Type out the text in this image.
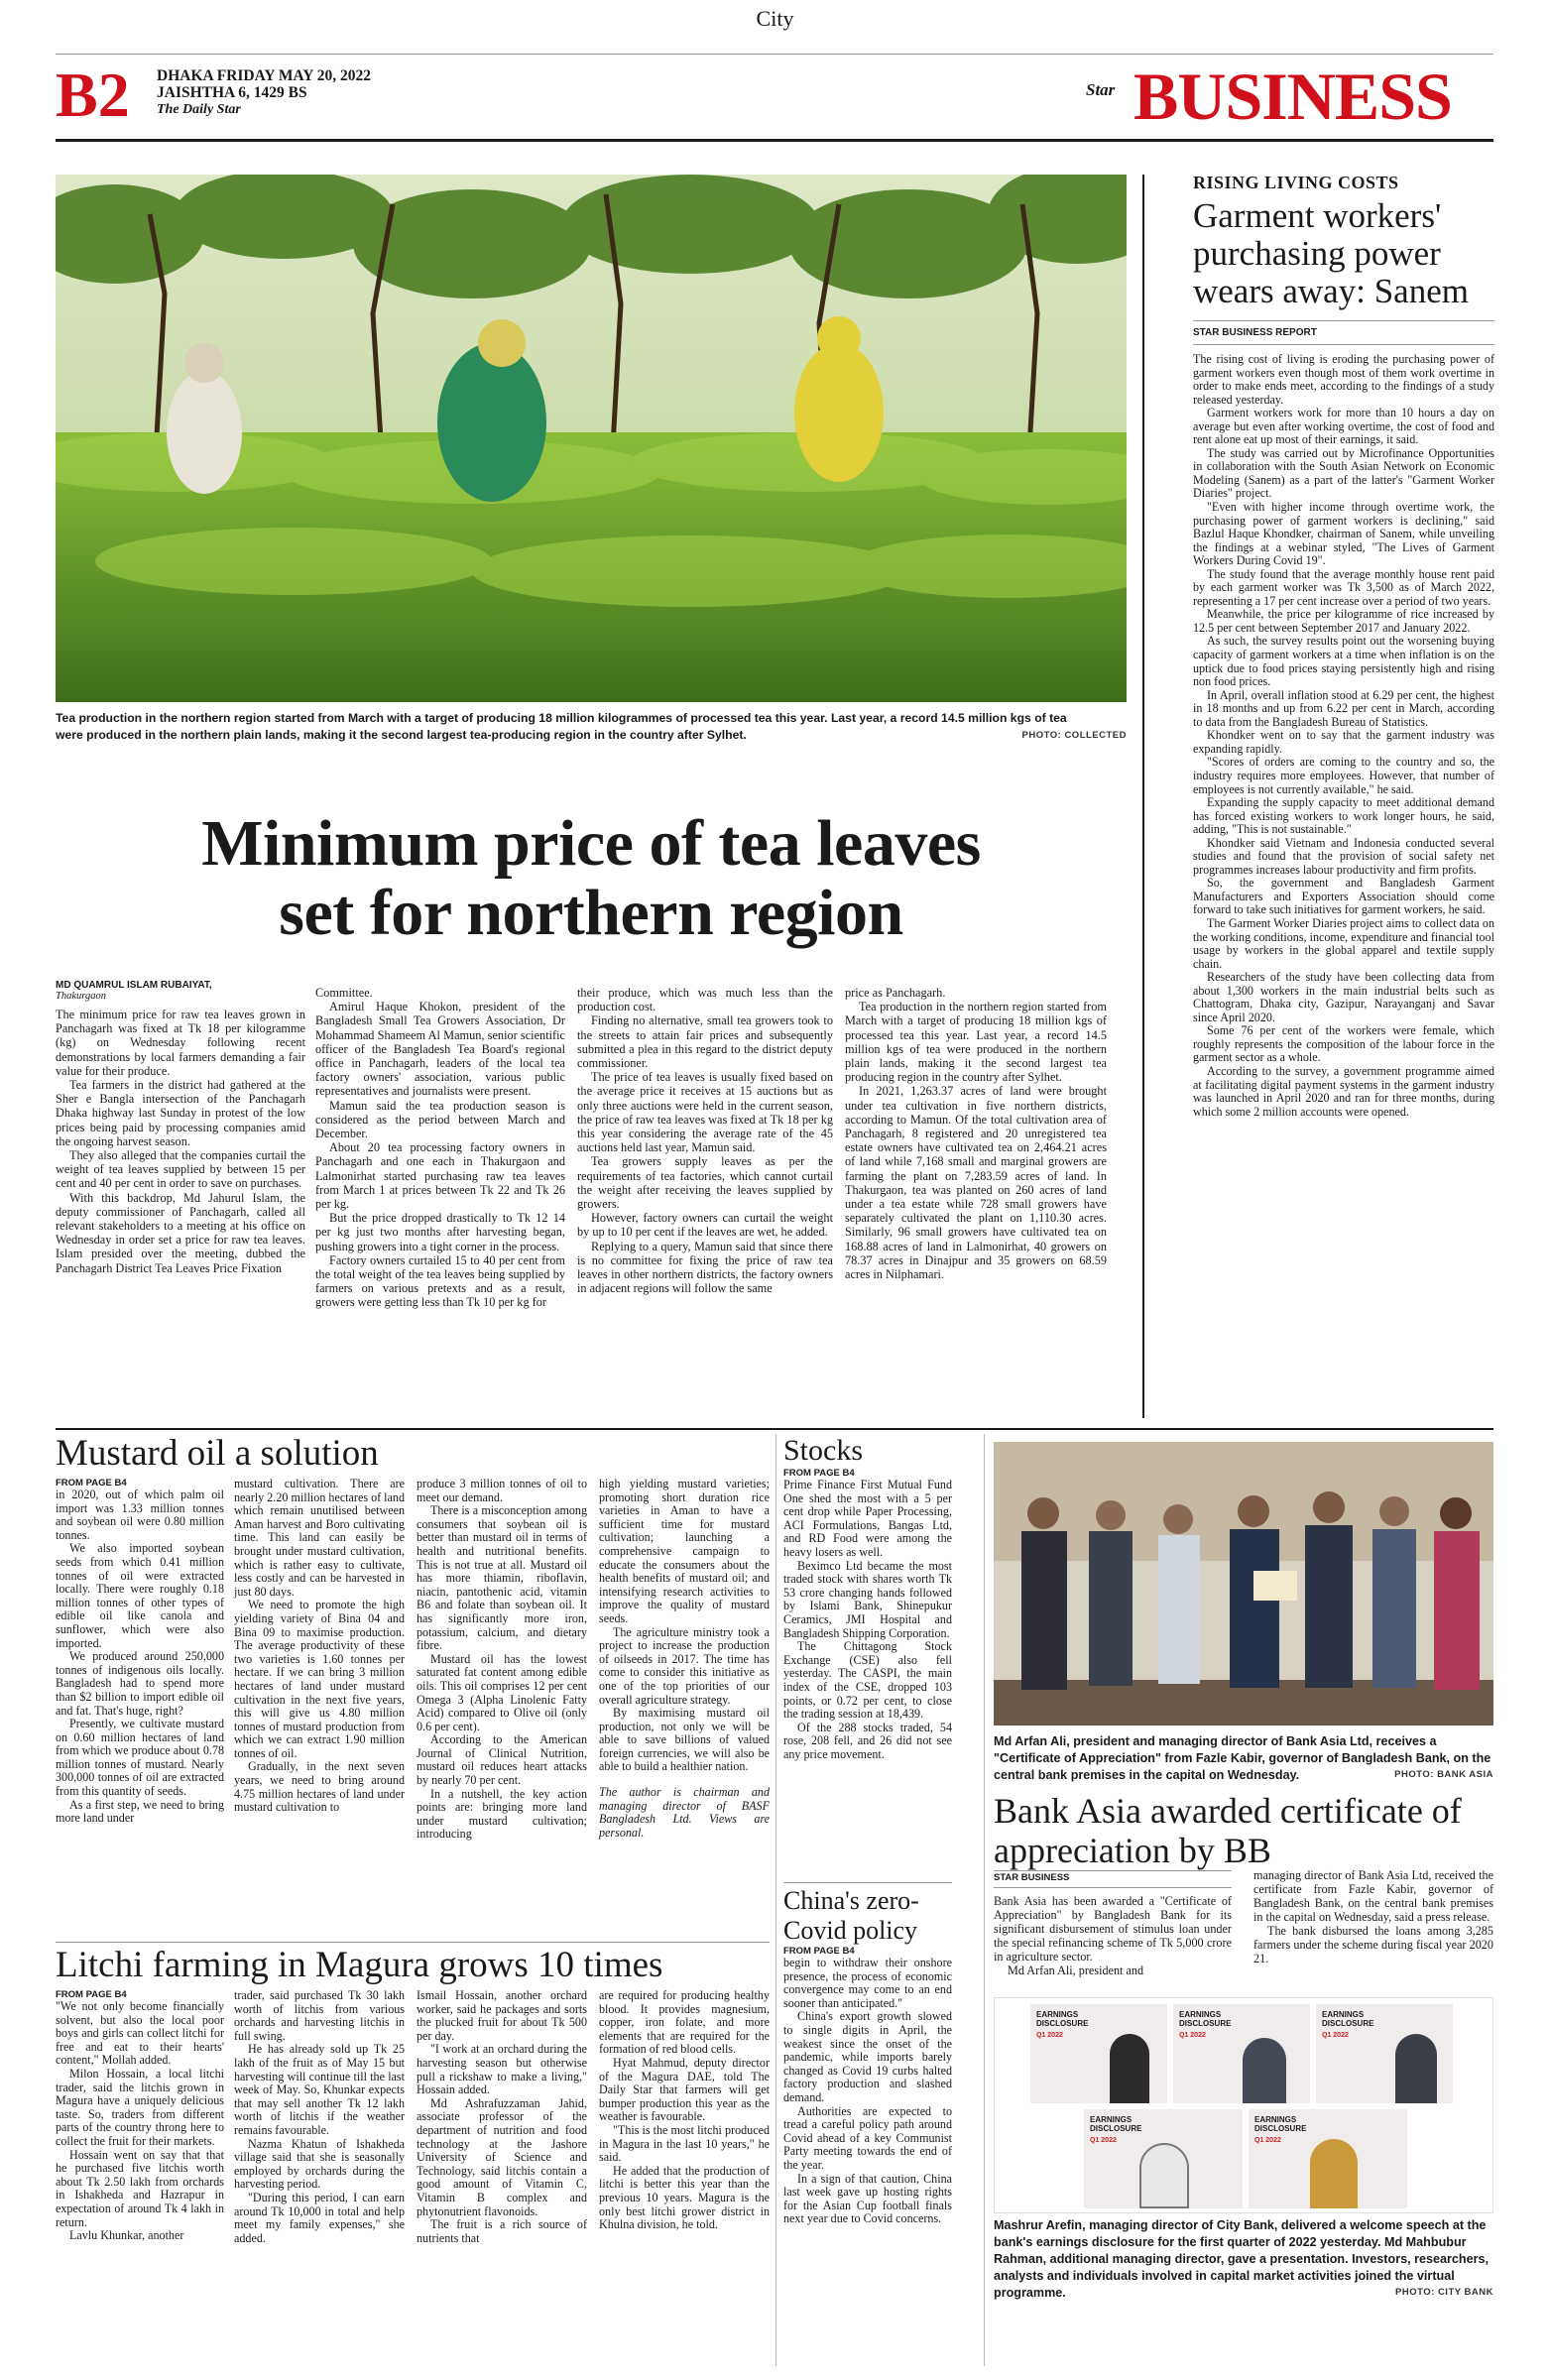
City
B2 DHAKA FRIDAY MAY 20, 2022
JAISHTHA 6, 1429 BS
The Daily Star
Star BUSINESS
Tea production in the northern region started from March with a target of producing 18 million kilogrammes of processed tea this year. Last year, a record 14.5 million kgs of tea were produced in the northern plain lands, making it the second largest tea-producing region in the country after Sylhet.	PHOTO: COLLECTED
Minimum price of tea leaves
set for northern region
MD QUAMRUL ISLAM RUBAIYAT,
Thakurgaon

The minimum price for raw tea leaves grown in Panchagarh was fixed at Tk 18 per kilogramme (kg) on Wednesday following recent demonstrations by local farmers demanding a fair value for their produce.

Tea farmers in the district had gathered at the Sher e Bangla intersection of the Panchagarh Dhaka highway last Sunday in protest of the low prices being paid by processing companies amid the ongoing harvest season.

They also alleged that the companies curtail the weight of tea leaves supplied by between 15 per cent and 40 per cent in order to save on purchases.

With this backdrop, Md Jahurul Islam, the deputy commissioner of Panchagarh, called all relevant stakeholders to a meeting at his office on Wednesday in order set a price for raw tea leaves. Islam presided over the meeting, dubbed the Panchagarh District Tea Leaves Price Fixation

Committee.

Amirul Haque Khokon, president of the Bangladesh Small Tea Growers Association, Dr Mohammad Shameem Al Mamun, senior scientific officer of the Bangladesh Tea Board's regional office in Panchagarh, leaders of the local tea factory owners' association, various public representatives and journalists were present.

Mamun said the tea production season is considered as the period between March and December.

About 20 tea processing factory owners in Panchagarh and one each in Thakurgaon and Lalmonirhat started purchasing raw tea leaves from March 1 at prices between Tk 22 and Tk 26 per kg.

But the price dropped drastically to Tk 12 14 per kg just two months after harvesting began, pushing growers into a tight corner in the process.

Factory owners curtailed 15 to 40 per cent from the total weight of the tea leaves being supplied by farmers on various pretexts and as a result, growers were getting less than Tk 10 per kg for

their produce, which was much less than the production cost.

Finding no alternative, small tea growers took to the streets to attain fair prices and subsequently submitted a plea in this regard to the district deputy commissioner.

The price of tea leaves is usually fixed based on the average price it receives at 15 auctions but as only three auctions were held in the current season, the price of raw tea leaves was fixed at Tk 18 per kg this year considering the average rate of the 45 auctions held last year, Mamun said.

Tea growers supply leaves as per the requirements of tea factories, which cannot curtail the weight after receiving the leaves supplied by growers.

However, factory owners can curtail the weight by up to 10 per cent if the leaves are wet, he added.

Replying to a query, Mamun said that since there is no committee for fixing the price of raw tea leaves in other northern districts, the factory owners in adjacent regions will follow the same

price as Panchagarh.

Tea production in the northern region started from March with a target of producing 18 million kgs of processed tea this year. Last year, a record 14.5 million kgs of tea were produced in the northern plain lands, making it the second largest tea producing region in the country after Sylhet.

In 2021, 1,263.37 acres of land were brought under tea cultivation in five northern districts, according to Mamun. Of the total cultivation area of Panchagarh, 8 registered and 20 unregistered tea estate owners have cultivated tea on 2,464.21 acres of land while 7,168 small and marginal growers are farming the plant on 7,283.59 acres of land. In Thakurgaon, tea was planted on 260 acres of land under a tea estate while 728 small growers have separately cultivated the plant on 1,110.30 acres. Similarly, 96 small growers have cultivated tea on 168.88 acres of land in Lalmonirhat, 40 growers on 78.37 acres in Dinajpur and 35 growers on 68.59 acres in Nilphamari.

RISING LIVING COSTS
Garment workers' purchasing power wears away: Sanem
STAR BUSINESS REPORT

The rising cost of living is eroding the purchasing power of garment workers even though most of them work overtime in order to make ends meet, according to the findings of a study released yesterday.

Garment workers work for more than 10 hours a day on average but even after working overtime, the cost of food and rent alone eat up most of their earnings, it said.

The study was carried out by Microfinance Opportunities in collaboration with the South Asian Network on Economic Modeling (Sanem) as a part of the latter's "Garment Worker Diaries" project.

"Even with higher income through overtime work, the purchasing power of garment workers is declining," said Bazlul Haque Khondker, chairman of Sanem, while unveiling the findings at a webinar styled, "The Lives of Garment Workers During Covid 19".

The study found that the average monthly house rent paid by each garment worker was Tk 3,500 as of March 2022, representing a 17 per cent increase over a period of two years.

Meanwhile, the price per kilogramme of rice increased by 12.5 per cent between September 2017 and January 2022.

As such, the survey results point out the worsening buying capacity of garment workers at a time when inflation is on the uptick due to food prices staying persistently high and rising non food prices.

In April, overall inflation stood at 6.29 per cent, the highest in 18 months and up from 6.22 per cent in March, according to data from the Bangladesh Bureau of Statistics.

Khondker went on to say that the garment industry was expanding rapidly.

"Scores of orders are coming to the country and so, the industry requires more employees. However, that number of employees is not currently available," he said.

Expanding the supply capacity to meet additional demand has forced existing workers to work longer hours, he said, adding, "This is not sustainable."

Khondker said Vietnam and Indonesia conducted several studies and found that the provision of social safety net programmes increases labour productivity and firm profits.

So, the government and Bangladesh Garment Manufacturers and Exporters Association should come forward to take such initiatives for garment workers, he said.

The Garment Worker Diaries project aims to collect data on the working conditions, income, expenditure and financial tool usage by workers in the global apparel and textile supply chain.

Researchers of the study have been collecting data from about 1,300 workers in the main industrial belts such as Chattogram, Dhaka city, Gazipur, Narayanganj and Savar since April 2020.

Some 76 per cent of the workers were female, which roughly represents the composition of the labour force in the garment sector as a whole.

According to the survey, a government programme aimed at facilitating digital payment systems in the garment industry was launched in April 2020 and ran for three months, during which some 2 million accounts were opened.

Mustard oil a solution
FROM PAGE B4

in 2020, out of which palm oil import was 1.33 million tonnes and soybean oil were 0.80 million tonnes.

We also imported soybean seeds from which 0.41 million tonnes of oil were extracted locally. There were roughly 0.18 million tonnes of other types of edible oil like canola and sunflower, which were also imported.

We produced around 250,000 tonnes of indigenous oils locally. Bangladesh had to spend more than $2 billion to import edible oil and fat. That's huge, right?

Presently, we cultivate mustard on 0.60 million hectares of land from which we produce about 0.78 million tonnes of mustard. Nearly 300,000 tonnes of oil are extracted from this quantity of seeds.

As a first step, we need to bring more land under

mustard cultivation. There are nearly 2.20 million hectares of land which remain unutilised between Aman harvest and Boro cultivating time. This land can easily be brought under mustard cultivation, which is rather easy to cultivate, less costly and can be harvested in just 80 days.

We need to promote the high yielding variety of Bina 04 and Bina 09 to maximise production. The average productivity of these two varieties is 1.60 tonnes per hectare. If we can bring 3 million hectares of land under mustard cultivation in the next five years, this will give us 4.80 million tonnes of mustard production from which we can extract 1.90 million tonnes of oil.

Gradually, in the next seven years, we need to bring around 4.75 million hectares of land under mustard cultivation to

produce 3 million tonnes of oil to meet our demand.

There is a misconception among consumers that soybean oil is better than mustard oil in terms of health and nutritional benefits. This is not true at all. Mustard oil has more thiamin, riboflavin, niacin, pantothenic acid, vitamin B6 and folate than soybean oil. It has significantly more iron, potassium, calcium, and dietary fibre.

Mustard oil has the lowest saturated fat content among edible oils. This oil comprises 12 per cent Omega 3 (Alpha Linolenic Fatty Acid) compared to Olive oil (only 0.6 per cent).

According to the American Journal of Clinical Nutrition, mustard oil reduces heart attacks by nearly 70 per cent.

In a nutshell, the key action points are: bringing more land under mustard cultivation; introducing

high yielding mustard varieties; promoting short duration rice varieties in Aman to have a sufficient time for mustard cultivation; launching a comprehensive campaign to educate the consumers about the health benefits of mustard oil; and intensifying research activities to improve the quality of mustard seeds.

The agriculture ministry took a project to increase the production of oilseeds in 2017. The time has come to consider this initiative as one of the top priorities of our overall agriculture strategy.

By maximising mustard oil production, not only we will be able to save billions of valued foreign currencies, we will also be able to build a healthier nation.

The author is chairman and managing director of BASF Bangladesh Ltd. Views are personal.
Stocks
FROM PAGE B4

Prime Finance First Mutual Fund One shed the most with a 5 per cent drop while Paper Processing, ACI Formulations, Bangas Ltd, and RD Food were among the heavy losers as well.

Beximco Ltd became the most traded stock with shares worth Tk 53 crore changing hands followed by Islami Bank, Shinepukur Ceramics, JMI Hospital and Bangladesh Shipping Corporation.

The Chittagong Stock Exchange (CSE) also fell yesterday. The CASPI, the main index of the CSE, dropped 103 points, or 0.72 per cent, to close the trading session at 18,439.

Of the 288 stocks traded, 54 rose, 208 fell, and 26 did not see any price movement.

China's zero-Covid policy
FROM PAGE B4

begin to withdraw their onshore presence, the process of economic convergence may come to an end sooner than anticipated."

China's export growth slowed to single digits in April, the weakest since the onset of the pandemic, while imports barely changed as Covid 19 curbs halted factory production and slashed demand.

Authorities are expected to tread a careful policy path around Covid ahead of a key Communist Party meeting towards the end of the year.

In a sign of that caution, China last week gave up hosting rights for the Asian Cup football finals next year due to Covid concerns.

Md Arfan Ali, president and managing director of Bank Asia Ltd, receives a "Certificate of Appreciation" from Fazle Kabir, governor of Bangladesh Bank, on the central bank premises in the capital on Wednesday.	PHOTO: BANK ASIA
Bank Asia awarded certificate of appreciation by BB
STAR BUSINESS

Bank Asia has been awarded a "Certificate of Appreciation" by Bangladesh Bank for its significant disbursement of stimulus loan under the special refinancing scheme of Tk 5,000 crore in agriculture sector.

Md Arfan Ali, president and

managing director of Bank Asia Ltd, received the certificate from Fazle Kabir, governor of Bangladesh Bank, on the central bank premises in the capital on Wednesday, said a press release.

The bank disbursed the loans among 3,285 farmers under the scheme during fiscal year 2020 21.

EARNINGS DISCLOSURE
Q1 2022
EARNINGS DISCLOSURE
Q1 2022
EARNINGS DISCLOSURE
Q1 2022
EARNINGS DISCLOSURE
Q1 2022
EARNINGS DISCLOSURE
Q1 2022
Mashrur Arefin, managing director of City Bank, delivered a welcome speech at the bank's earnings disclosure for the first quarter of 2022 yesterday. Md Mahbubur Rahman, additional managing director, gave a presentation. Investors, researchers, analysts and individuals involved in capital market activities joined the virtual programme.	PHOTO: CITY BANK
Litchi farming in Magura grows 10 times
FROM PAGE B4

"We not only become financially solvent, but also the local poor boys and girls can collect litchi for free and eat to their hearts' content," Mollah added.

Milon Hossain, a local litchi trader, said the litchis grown in Magura have a uniquely delicious taste. So, traders from different parts of the country throng here to collect the fruit for their markets.

Hossain went on say that that he purchased five litchis worth about Tk 2.50 lakh from orchards in Ishakheda and Hazrapur in expectation of around Tk 4 lakh in return.

Lavlu Khunkar, another

trader, said purchased Tk 30 lakh worth of litchis from various orchards and harvesting litchis in full swing.

He has already sold up Tk 25 lakh of the fruit as of May 15 but harvesting will continue till the last week of May. So, Khunkar expects that may sell another Tk 12 lakh worth of litchis if the weather remains favourable.

Nazma Khatun of Ishakheda village said that she is seasonally employed by orchards during the harvesting period.

"During this period, I can earn around Tk 10,000 in total and help meet my family expenses," she added.

Ismail Hossain, another orchard worker, said he packages and sorts the plucked fruit for about Tk 500 per day.

"I work at an orchard during the harvesting season but otherwise pull a rickshaw to make a living," Hossain added.

Md Ashrafuzzaman Jahid, associate professor of the department of nutrition and food technology at the Jashore University of Science and Technology, said litchis contain a good amount of Vitamin C, Vitamin B complex and phytonutrient flavonoids.

The fruit is a rich source of nutrients that

are required for producing healthy blood. It provides magnesium, copper, iron folate, and more elements that are required for the formation of red blood cells.

Hyat Mahmud, deputy director of the Magura DAE, told The Daily Star that farmers will get bumper production this year as the weather is favourable.

"This is the most litchi produced in Magura in the last 10 years," he said.

He added that the production of litchi is better this year than the previous 10 years. Magura is the only best litchi grower district in Khulna division, he told.
